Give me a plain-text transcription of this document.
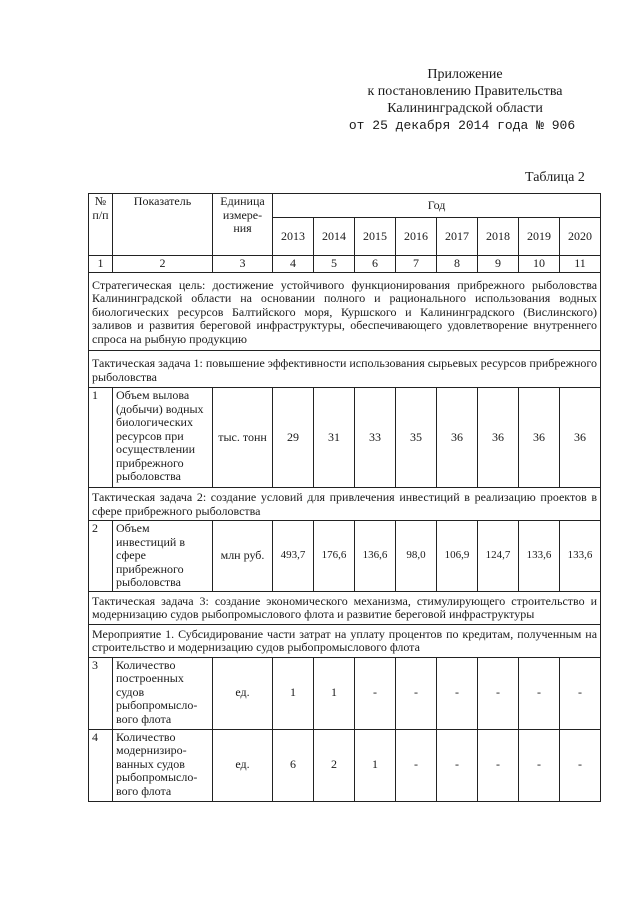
Приложение
к постановлению Правительства
Калининградской области
от 25 декабря 2014 года № 906
Таблица 2
№ п/п	Показатель	Единица измере-ния	Год							
			2013	2014	2015	2016	2017	2018	2019	2020
1	2	3	4	5	6	7	8	9	10	11
Стратегическая цель: достижение устойчивого функционирования прибрежного рыболовства Калининградской области на основании полного и рационального использования водных биологических ресурсов Балтийского моря, Куршского и Калининградского (Вислинского) заливов и развития береговой инфраструктуры, обеспечивающего удовлетворение внутреннего спроса на рыбную продукцию										
Тактическая задача 1: повышение эффективности использования сырьевых ресурсов прибрежного рыболовства										
1	Объем вылова (добычи) водных биологических ресурсов при осуществлении прибрежного рыболовства	тыс. тонн	29	31	33	35	36	36	36	36
Тактическая задача 2: создание условий для привлечения инвестиций в реализацию проектов в сфере прибрежного рыболовства										
2	Объем инвестиций в сфере прибрежного рыболовства	млн руб.	493,7	176,6	136,6	98,0	106,9	124,7	133,6	133,6
Тактическая задача 3: создание экономического механизма, стимулирующего строительство и модернизацию судов рыбопромыслового флота и развитие береговой инфраструктуры										
Мероприятие 1. Субсидирование части затрат на уплату процентов по кредитам, полученным на строительство и модернизацию судов рыбопромыслового флота										
3	Количество построенных судов рыбопромысло-вого флота	ед.	1	1	-	-	-	-	-	-
4	Количество модернизиро-ванных судов рыбопромысло-вого флота	ед.	6	2	1	-	-	-	-	-
